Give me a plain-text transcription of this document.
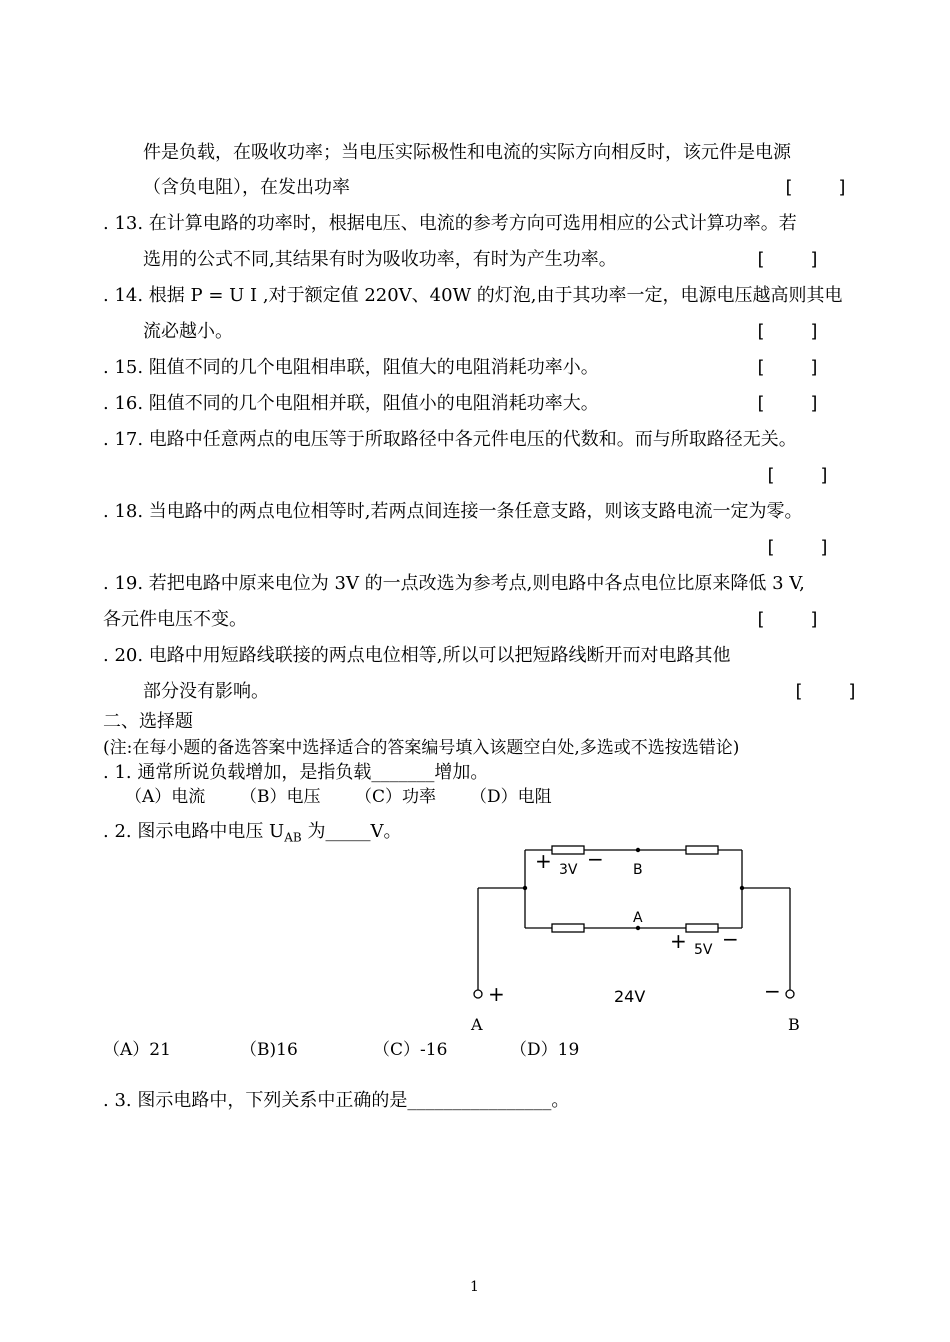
件是负载，在吸收功率；当电压实际极性和电流的实际方向相反时，该元件是电源
（含负电阻），在发出功率	[    ]
. 13. 在计算电路的功率时，根据电压、电流的参考方向可选用相应的公式计算功率。若
选用的公式不同,其结果有时为吸收功率，有时为产生功率。	[    ]
. 14. 根据 P = U I ,对于额定值 220V、40W 的灯泡,由于其功率一定，电源电压越高则其电
流必越小。	[    ]
. 15. 阻值不同的几个电阻相串联，阻值大的电阻消耗功率小。	[    ]
. 16. 阻值不同的几个电阻相并联，阻值小的电阻消耗功率大。	[    ]
. 17. 电路中任意两点的电压等于所取路径中各元件电压的代数和。而与所取路径无关。
[    ]
. 18. 当电路中的两点电位相等时,若两点间连接一条任意支路，则该支路电流一定为零。
[    ]
. 19. 若把电路中原来电位为 3V 的一点改选为参考点,则电路中各点电位比原来降低 3 V,
各元件电压不变。	[    ]
. 20. 电路中用短路线联接的两点电位相等,所以可以把短路线断开而对电路其他
部分没有影响。	[    ]
二、选择题
(注:在每小题的备选答案中选择适合的答案编号填入该题空白处,多选或不选按选错论)
. 1. 通常所说负载增加，是指负载_______增加。
（A）电流 （B）电压 （C）功率 （D）电阻
. 2. 图示电路中电压 $U_{AB}$ 为_____V。
+ 3V − B
A
+ 5V −
+	24V	−
A	B
（A）21	（B)16	（C）-16	（D）19
. 3. 图示电路中，下列关系中正确的是________________。
1
